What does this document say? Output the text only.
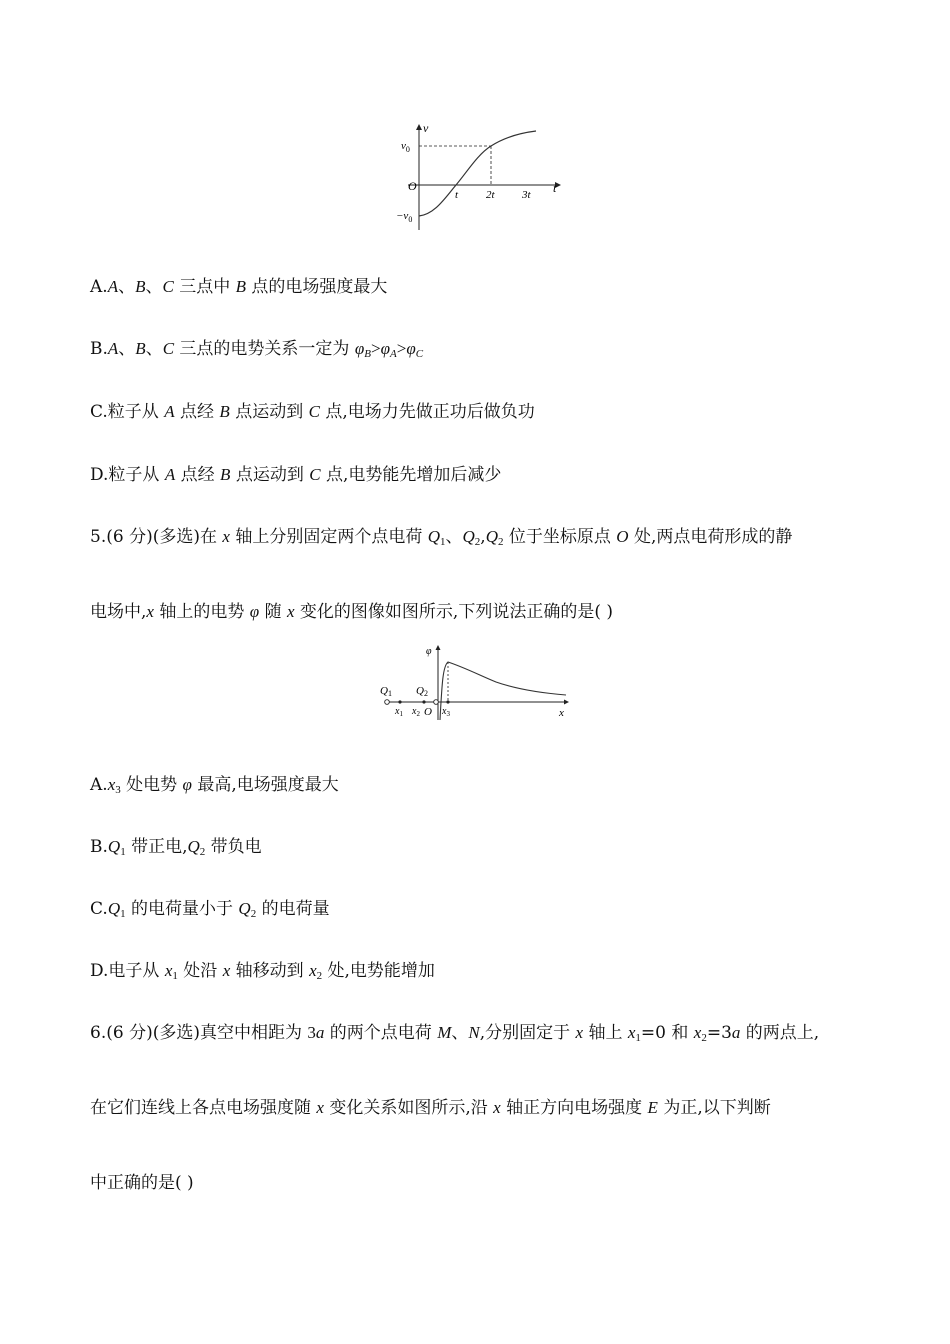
v
t
O
$v_0$
$-v_0$
t	2t 3t
A.A、B、C 三点中 B 点的电场强度最大
B.A、B、C 三点的电势关系一定为 $\varphi_B>\varphi_A>\varphi_C$
C.粒子从 A 点经 B 点运动到 C 点,电场力先做正功后做负功
D.粒子从 A 点经 B 点运动到 C 点,电势能先增加后减少
5.(6 分)(多选)在 x 轴上分别固定两个点电荷 $Q_1$、$Q_2,Q_2$ 位于坐标原点 O 处,两点电荷形成的静
电场中,x 轴上的电势 φ 随 x 变化的图像如图所示,下列说法正确的是( )
φ
Q1 Q2
$x_1$ $x_2$ O $x_3$	x
$A.x_3$ 处电势 φ 最高,电场强度最大
$B.Q_1$ 带正电$,Q_2$ 带负电
$C.Q_1$ 的电荷量小于 $Q_2$ 的电荷量
D.电子从 $x_1$ 处沿 x 轴移动到 $x_2$ 处,电势能增加
6.(6 分)(多选)真空中相距为 3a 的两个点电荷 M、N,分别固定于 x 轴上 $x_1=0$ 和 $x_2=3a$ 的两点上,
在它们连线上各点电场强度随 x 变化关系如图所示,沿 x 轴正方向电场强度 E 为正,以下判断
中正确的是( )
